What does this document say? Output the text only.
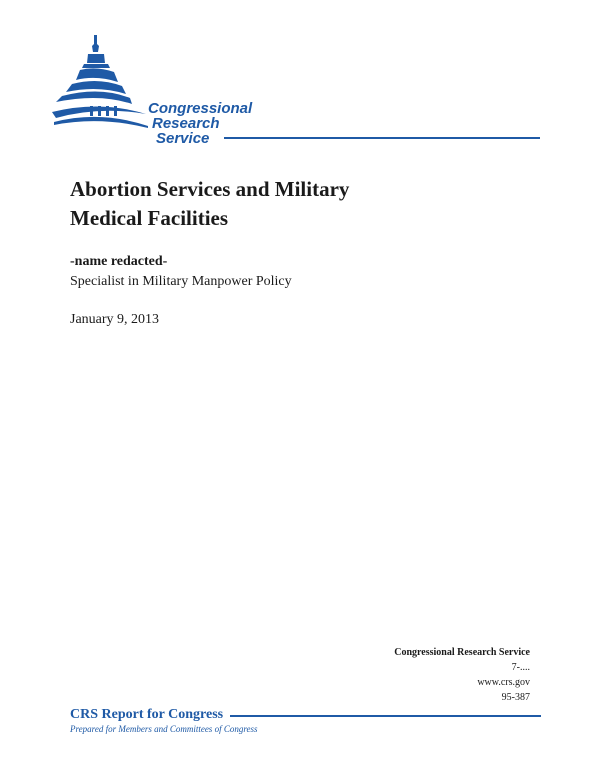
Congressional
Research
Service
Abortion Services and Military
Medical Facilities
-name redacted-
Specialist in Military Manpower Policy
January 9, 2013
Congressional Research Service
7-....
www.crs.gov
95-387
CRS Report for Congress
Prepared for Members and Committees of Congress
